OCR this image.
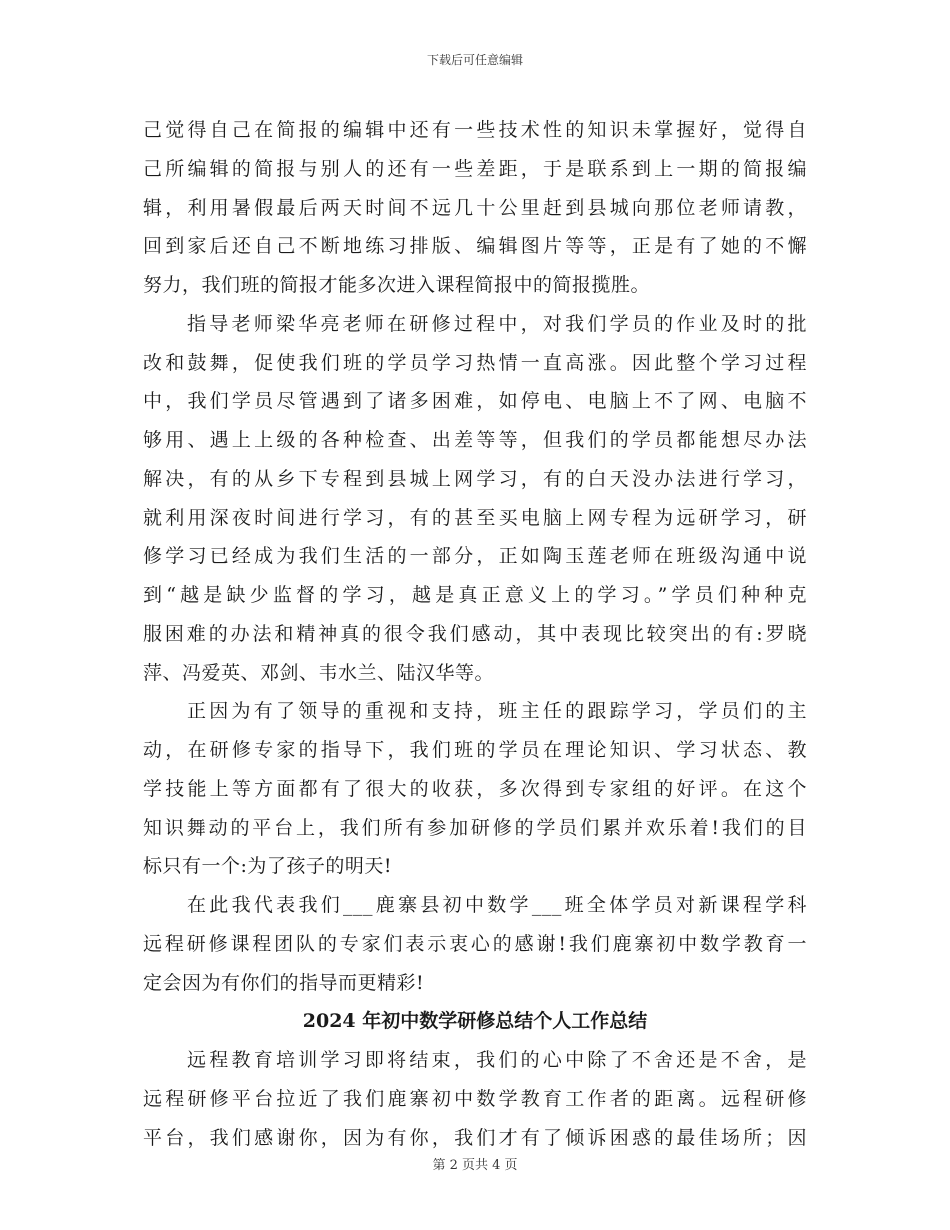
下载后可任意编辑
己觉得自己在简报的编辑中还有一些技术性的知识未掌握好，觉得自
己所编辑的简报与别人的还有一些差距，于是联系到上一期的简报编
辑，利用暑假最后两天时间不远几十公里赶到县城向那位老师请教，
回到家后还自己不断地练习排版、编辑图片等等，正是有了她的不懈
努力，我们班的简报才能多次进入课程简报中的简报揽胜。
指导老师梁华亮老师在研修过程中，对我们学员的作业及时的批
改和鼓舞，促使我们班的学员学习热情一直高涨。因此整个学习过程
中，我们学员尽管遇到了诸多困难，如停电、电脑上不了网、电脑不
够用、遇上上级的各种检查、出差等等，但我们的学员都能想尽办法
解决，有的从乡下专程到县城上网学习，有的白天没办法进行学习，
就利用深夜时间进行学习，有的甚至买电脑上网专程为远研学习，研
修学习已经成为我们生活的一部分，正如陶玉莲老师在班级沟通中说
到“越是缺少监督的学习，越是真正意义上的学习。”学员们种种克
服困难的办法和精神真的很令我们感动，其中表现比较突出的有:罗晓
萍、冯爱英、邓剑、韦水兰、陆汉华等。
正因为有了领导的重视和支持，班主任的跟踪学习，学员们的主
动，在研修专家的指导下，我们班的学员在理论知识、学习状态、教
学技能上等方面都有了很大的收获，多次得到专家组的好评。在这个
知识舞动的平台上，我们所有参加研修的学员们累并欢乐着!我们的目
标只有一个:为了孩子的明天!
在此我代表我们___鹿寨县初中数学___班全体学员对新课程学科
远程研修课程团队的专家们表示衷心的感谢!我们鹿寨初中数学教育一
定会因为有你们的指导而更精彩!
2024 年初中数学研修总结个人工作总结
远程教育培训学习即将结束，我们的心中除了不舍还是不舍，是
远程研修平台拉近了我们鹿寨初中数学教育工作者的距离。远程研修
平台，我们感谢你，因为有你，我们才有了倾诉困惑的最佳场所；因
第 2 页共 4 页
